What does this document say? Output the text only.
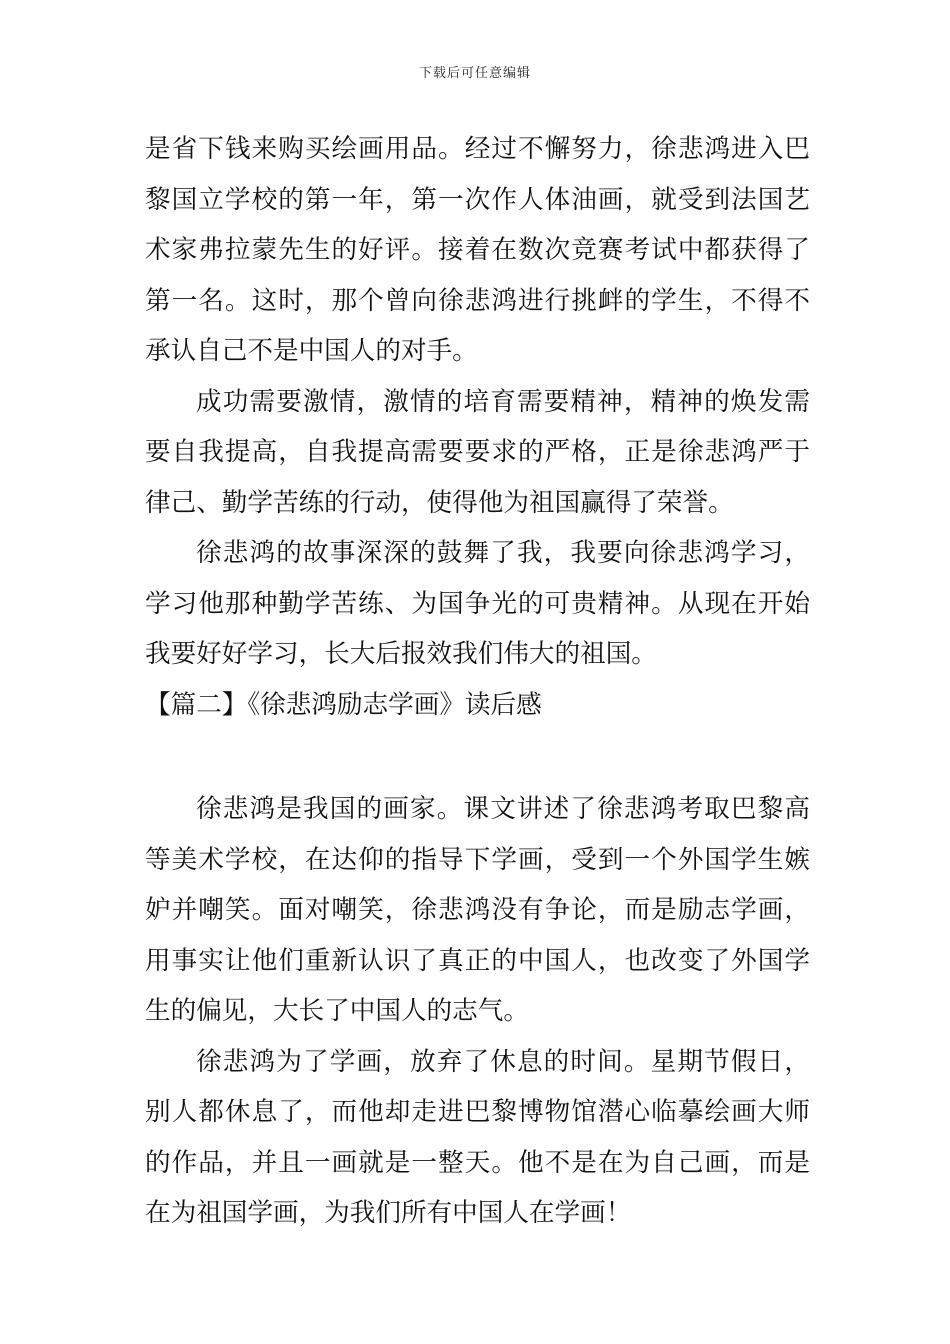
下载后可任意编辑

是省下钱来购买绘画用品。经过不懈努力，徐悲鸿进入巴黎国立学校的第一年，第一次作人体油画，就受到法国艺术家弗拉蒙先生的好评。接着在数次竞赛考试中都获得了第一名。这时，那个曾向徐悲鸿进行挑衅的学生，不得不承认自己不是中国人的对手。

成功需要激情，激情的培育需要精神，精神的焕发需要自我提高，自我提高需要要求的严格，正是徐悲鸿严于律己、勤学苦练的行动，使得他为祖国赢得了荣誉。

徐悲鸿的故事深深的鼓舞了我，我要向徐悲鸿学习，学习他那种勤学苦练、为国争光的可贵精神。从现在开始我要好好学习，长大后报效我们伟大的祖国。

【篇二】《徐悲鸿励志学画》读后感

徐悲鸿是我国的画家。课文讲述了徐悲鸿考取巴黎高等美术学校，在达仰的指导下学画，受到一个外国学生嫉妒并嘲笑。面对嘲笑，徐悲鸿没有争论，而是励志学画，用事实让他们重新认识了真正的中国人，也改变了外国学生的偏见，大长了中国人的志气。

徐悲鸿为了学画，放弃了休息的时间。星期节假日，别人都休息了，而他却走进巴黎博物馆潜心临摹绘画大师的作品，并且一画就是一整天。他不是在为自己画，而是在为祖国学画，为我们所有中国人在学画！
